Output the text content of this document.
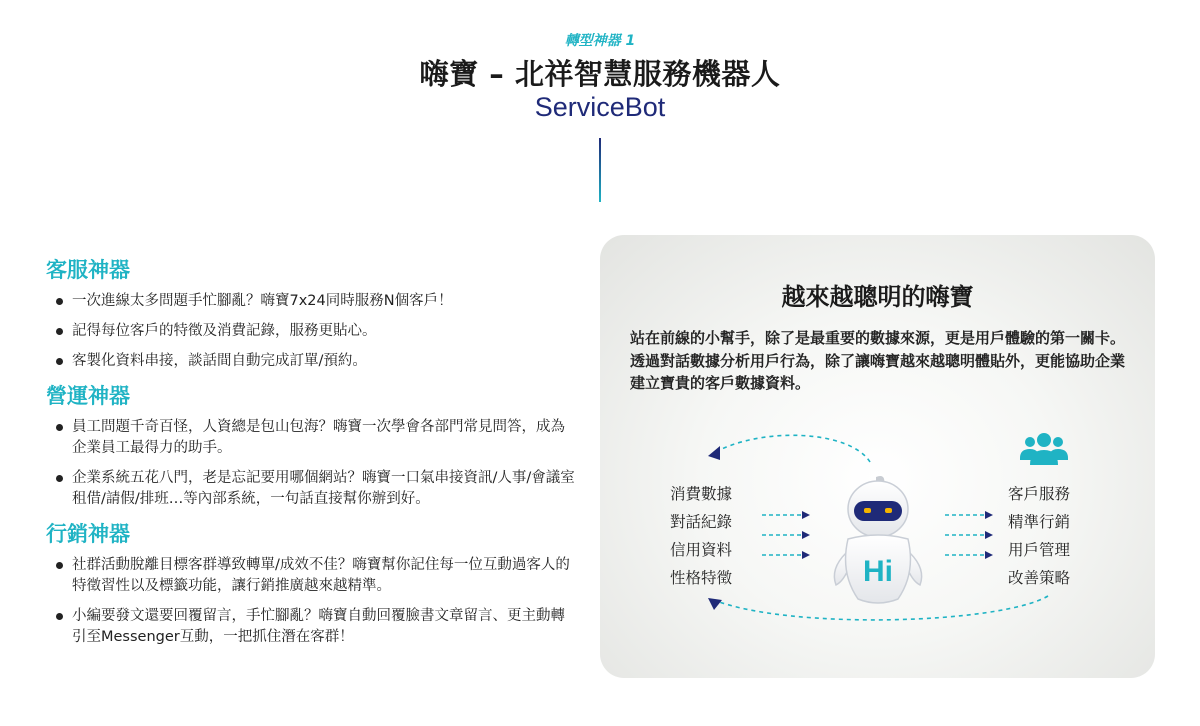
轉型神器 1
嗨寶 – 北祥智慧服務機器人
ServiceBot
客服神器
一次進線太多問題手忙腳亂？嗨寶7x24同時服務N個客戶！
記得每位客戶的特徵及消費記錄，服務更貼心。
客製化資料串接，談話間自動完成訂單/預約。
營運神器
員工問題千奇百怪，人資總是包山包海？嗨寶一次學會各部門常見問答，成為企業員工最得力的助手。
企業系統五花八門，老是忘記要用哪個網站？嗨寶一口氣串接資訊/人事/會議室租借/請假/排班…等內部系統，一句話直接幫你辦到好。
行銷神器
社群活動脫離目標客群導致轉單/成效不佳？嗨寶幫你記住每一位互動過客人的特徵習性以及標籤功能，讓行銷推廣越來越精準。
小編要發文還要回覆留言，手忙腳亂？嗨寶自動回覆臉書文章留言、更主動轉引至Messenger互動，一把抓住潛在客群！
越來越聰明的嗨寶

站在前線的小幫手，除了是最重要的數據來源，更是用戶體驗的第一關卡。

透過對話數據分析用戶行為，除了讓嗨寶越來越聰明體貼外，更能協助企業建立寶貴的客戶數據資料。

消費數據
對話紀錄
信用資料
性格特徵	Hi
客戶服務
精準行銷
用戶管理
改善策略
